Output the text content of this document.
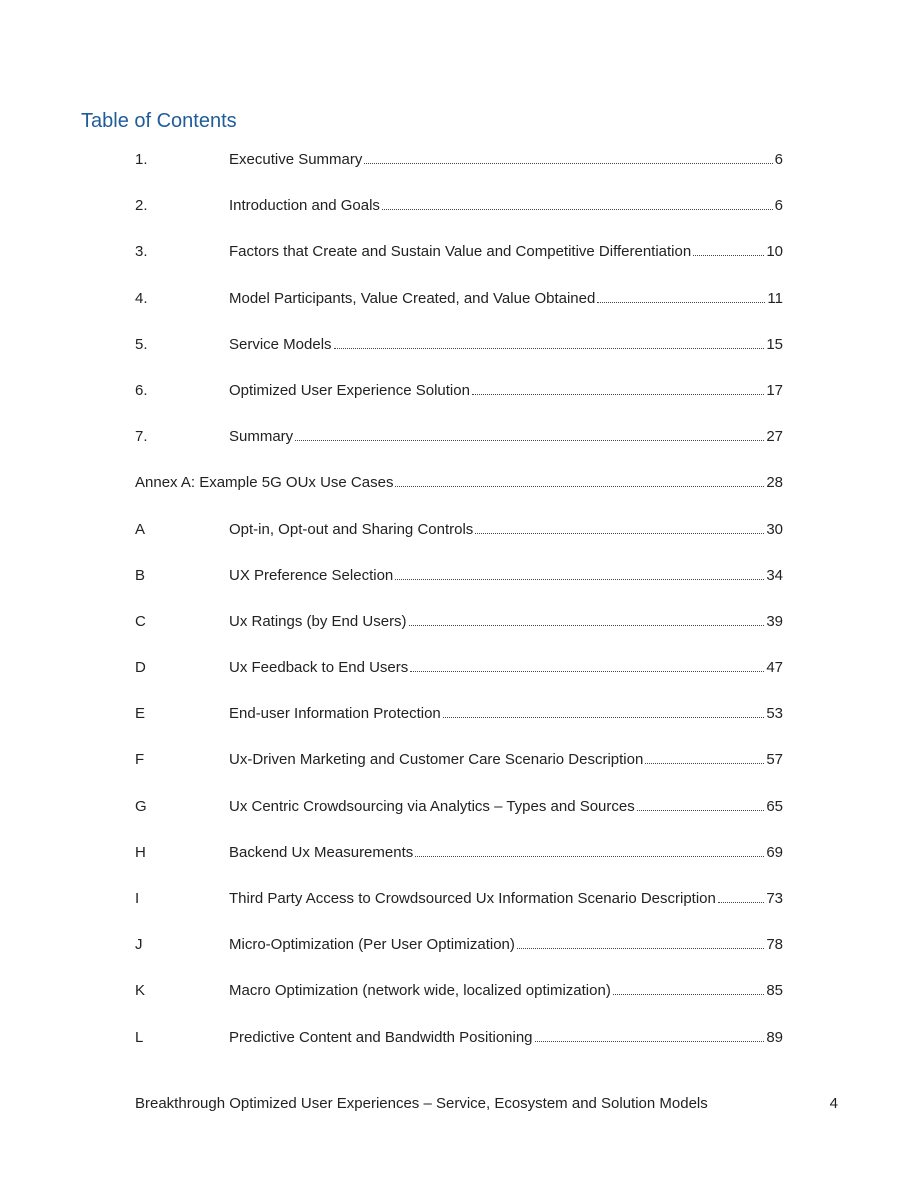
Table of Contents
1.	Executive Summary	6
2.	Introduction and Goals	6
3.	Factors that Create and Sustain Value and Competitive Differentiation	10
4.	Model Participants, Value Created, and Value Obtained	11
5.	Service Models	15
6.	Optimized User Experience Solution	17
7.	Summary	27
Annex A: Example 5G OUx Use Cases	28
A	Opt-in, Opt-out and Sharing Controls	30
B	UX Preference Selection	34
C	Ux Ratings (by End Users)	39
D	Ux Feedback to End Users	47
E	End-user Information Protection	53
F	Ux-Driven Marketing and Customer Care Scenario Description	57
G	Ux Centric Crowdsourcing via Analytics – Types and Sources	65
H	Backend Ux Measurements	69
I	Third Party Access to Crowdsourced Ux Information Scenario Description	73
J	Micro-Optimization (Per User Optimization)	78
K	Macro Optimization (network wide, localized optimization)	85
L	Predictive Content and Bandwidth Positioning	89
Breakthrough Optimized User Experiences – Service, Ecosystem and Solution Models	4
